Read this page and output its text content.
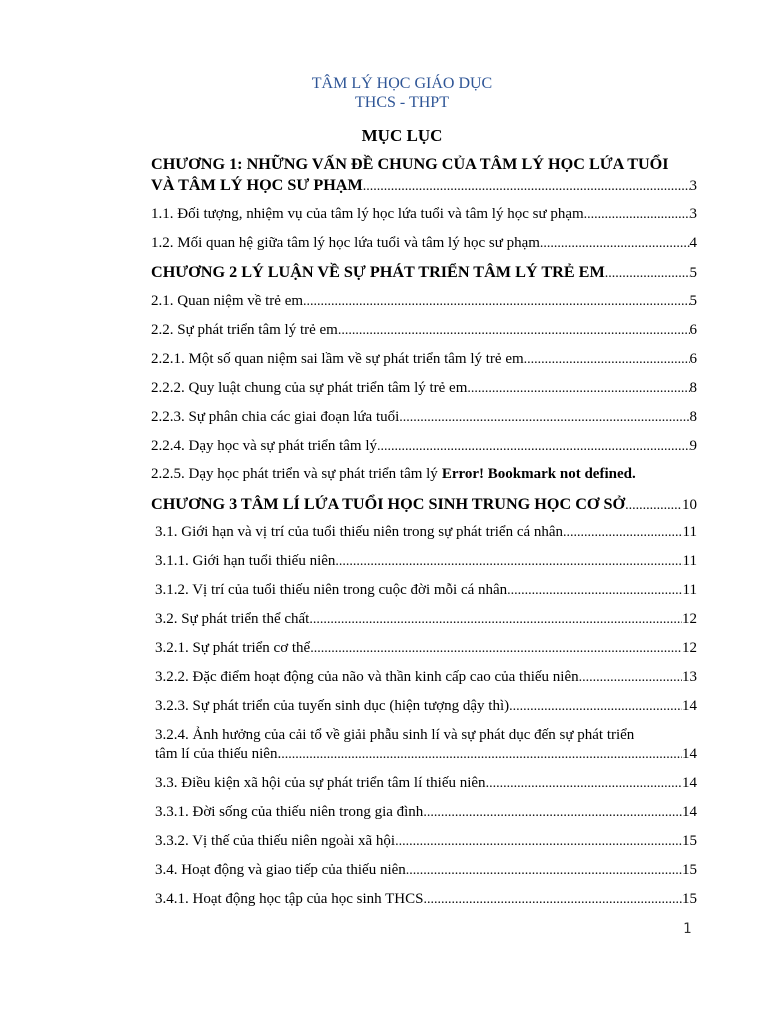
TÂM LÝ HỌC GIÁO DỤC
THCS - THPT
MỤC LỤC
CHƯƠNG 1: NHỮNG VẤN ĐỀ CHUNG CỦA TÂM LÝ HỌC LỨA TUỔI
VÀ TÂM LÝ HỌC SƯ PHẠM .....	3
1.1. Đối tượng, nhiệm vụ của tâm lý học lứa tuổi và tâm lý học sư phạm .....	3
1.2. Mối quan hệ giữa tâm lý học lứa tuổi và tâm lý học sư phạm .....	4
CHƯƠNG 2 LÝ LUẬN VỀ SỰ PHÁT TRIỂN TÂM LÝ TRẺ EM .....	5
2.1. Quan niệm về trẻ em .....	5
2.2. Sự phát triển tâm lý trẻ em .....	6
2.2.1. Một số quan niệm sai lầm về sự phát triển tâm lý trẻ em .....	6
2.2.2. Quy luật chung của sự phát triển tâm lý trẻ em .....	8
2.2.3. Sự phân chia các giai đoạn lứa tuổi .....	8
2.2.4. Dạy học và sự phát triển tâm lý .....	9
2.2.5. Dạy học phát triển và sự phát triển tâm lý Error! Bookmark not defined.
CHƯƠNG 3 TÂM LÍ LỨA TUỔI HỌC SINH TRUNG HỌC CƠ SỞ .....	10
3.1. Giới hạn và vị trí của tuổi thiếu niên trong sự phát triển cá nhân .....	11
3.1.1. Giới hạn tuổi thiếu niên .....	11
3.1.2. Vị trí của tuổi thiếu niên trong cuộc đời mỗi cá nhân .....	11
3.2. Sự phát triển thể chất .....	12
3.2.1. Sự phát triển cơ thể .....	12
3.2.2. Đặc điểm hoạt động của não và thần kinh cấp cao của thiếu niên .....	13
3.2.3. Sự phát triển của tuyến sinh dục (hiện tượng dậy thì) .....	14
3.2.4. Ảnh hưởng của cải tổ về giải phẫu sinh lí và sự phát dục đến sự phát triển
tâm lí của thiếu niên. .....	14
3.3. Điều kiện xã hội của sự phát triển tâm lí thiếu niên .....	14
3.3.1. Đời sống của thiếu niên trong gia đình .....	14
3.3.2. Vị thế của thiếu niên ngoài xã hội .....	15
3.4. Hoạt động và giao tiếp của thiếu niên .....	15
3.4.1. Hoạt động học tập của học sinh THCS .....	15
1
